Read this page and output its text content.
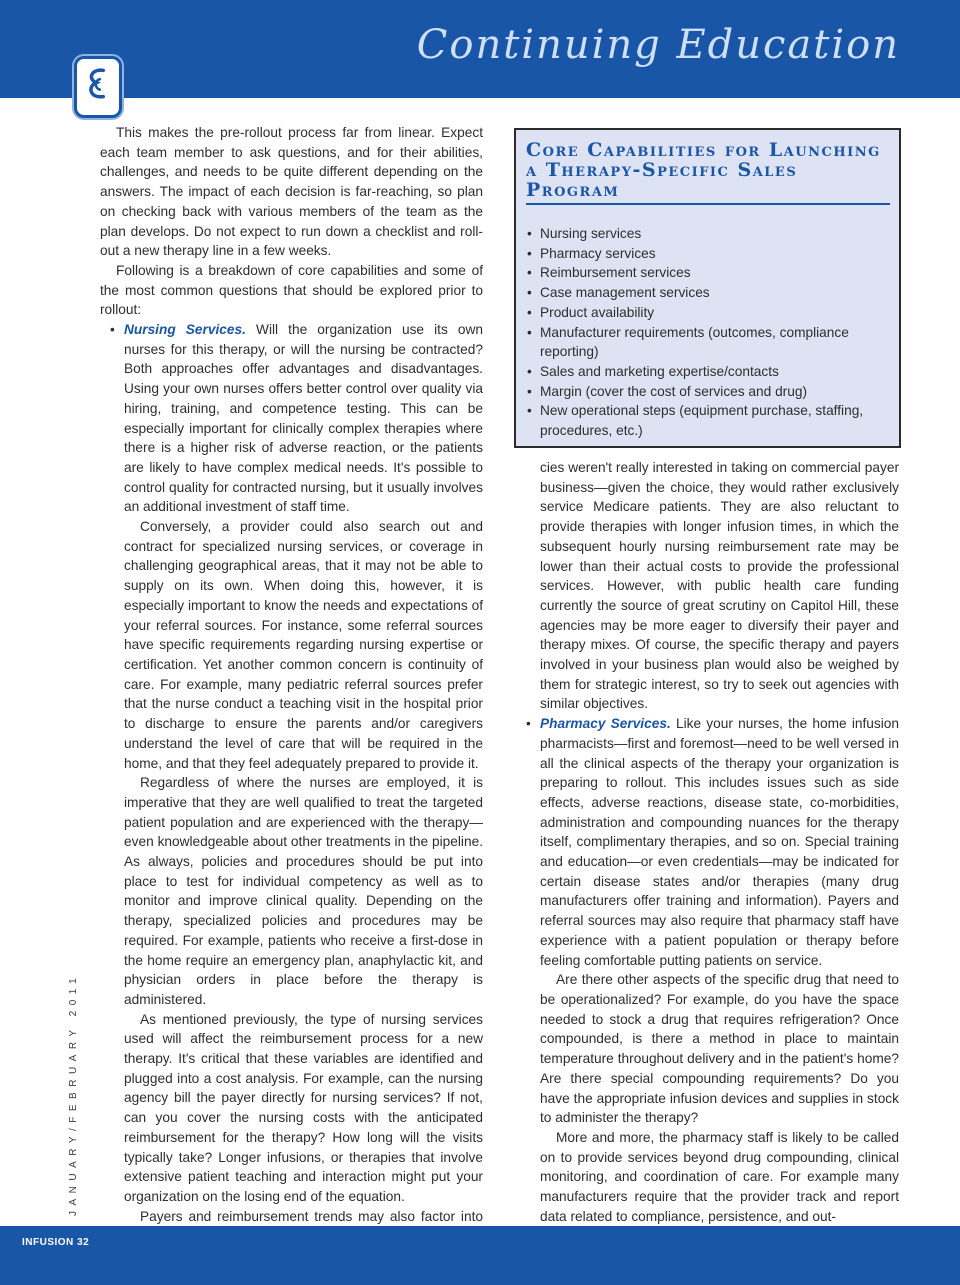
Continuing Education
JANUARY/FEBRUARY 2011

This makes the pre-rollout process far from linear. Expect each team member to ask questions, and for their abilities, challenges, and needs to be quite different depending on the answers. The impact of each decision is far-reaching, so plan on checking back with various members of the team as the plan develops. Do not expect to run down a checklist and roll-out a new therapy line in a few weeks.

Following is a breakdown of core capabilities and some of the most common questions that should be explored prior to rollout:

• Nursing Services. Will the organization use its own nurses for this therapy, or will the nursing be contracted? Both approaches offer advantages and disadvantages. Using your own nurses offers better control over quality via hiring, training, and competence testing. This can be especially important for clinically complex therapies where there is a higher risk of adverse reaction, or the patients are likely to have complex medical needs. It's possible to control quality for contracted nursing, but it usually involves an additional investment of staff time.

Conversely, a provider could also search out and contract for specialized nursing services, or coverage in challenging geographical areas, that it may not be able to supply on its own. When doing this, however, it is especially important to know the needs and expectations of your referral sources. For instance, some referral sources have specific requirements regarding nursing expertise or certification. Yet another common concern is continuity of care. For example, many pediatric referral sources prefer that the nurse conduct a teaching visit in the hospital prior to discharge to ensure the parents and/or caregivers understand the level of care that will be required in the home, and that they feel adequately prepared to provide it.

Regardless of where the nurses are employed, it is imperative that they are well qualified to treat the targeted patient population and are experienced with the therapy—even knowledgeable about other treatments in the pipeline. As always, policies and procedures should be put into place to test for individual competency as well as to monitor and improve clinical quality. Depending on the therapy, specialized policies and procedures may be required. For example, patients who receive a first-dose in the home require an emergency plan, anaphylactic kit, and physician orders in place before the therapy is administered.

As mentioned previously, the type of nursing services used will affect the reimbursement process for a new therapy. It's critical that these variables are identified and plugged into a cost analysis. For example, can the nursing agency bill the payer directly for nursing services? If not, can you cover the nursing costs with the anticipated reimbursement for the therapy? How long will the visits typically take? Longer infusions, or therapies that involve extensive patient teaching and interaction might put your organization on the losing end of the equation.

Payers and reimbursement trends may also factor into

Core Capabilities for Launching a Therapy-Specific Sales Program
• Nursing services
• Pharmacy services
• Reimbursement services
• Case management services
• Product availability
• Manufacturer requirements (outcomes, compliance reporting)
• Sales and marketing expertise/contacts
• Margin (cover the cost of services and drug)
• New operational steps (equipment purchase, staffing, procedures, etc.)

cies weren't really interested in taking on commercial payer business—given the choice, they would rather exclusively service Medicare patients. They are also reluctant to provide therapies with longer infusion times, in which the subsequent hourly nursing reimbursement rate may be lower than their actual costs to provide the professional services. However, with public health care funding currently the source of great scrutiny on Capitol Hill, these agencies may be more eager to diversify their payer and therapy mixes. Of course, the specific therapy and payers involved in your business plan would also be weighed by them for strategic interest, so try to seek out agencies with similar objectives.

• Pharmacy Services. Like your nurses, the home infusion pharmacists—first and foremost—need to be well versed in all the clinical aspects of the therapy your organization is preparing to rollout. This includes issues such as side effects, adverse reactions, disease state, co-morbidities, administration and compounding nuances for the therapy itself, complimentary therapies, and so on. Special training and education—or even credentials—may be indicated for certain disease states and/or therapies (many drug manufacturers offer training and information). Payers and referral sources may also require that pharmacy staff have experience with a patient population or therapy before feeling comfortable putting patients on service.

Are there other aspects of the specific drug that need to be operationalized? For example, do you have the space needed to stock a drug that requires refrigeration? Once compounded, is there a method in place to maintain temperature throughout delivery and in the patient's home? Are there special compounding requirements? Do you have the appropriate infusion devices and supplies in stock to administer the therapy?

More and more, the pharmacy staff is likely to be called on to provide services beyond drug compounding, clinical monitoring, and coordination of care. For example many manufacturers require that the provider track and report data related to compliance, persistence, and out-

INFUSION 32
